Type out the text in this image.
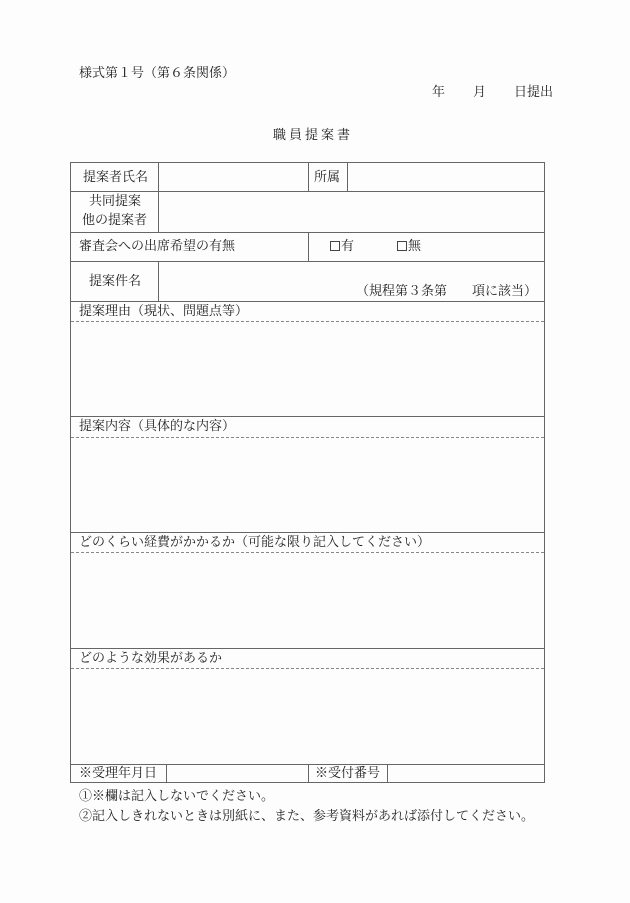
様式第１号（第６条関係）
年 月 日提出
職員提案書
提案者氏名	所属
共同提案
他の提案者
審査会への出席希望の有無	有	無
提案件名
（規程第３条第 項に該当）
提案理由（現状、問題点等）
提案内容（具体的な内容）
どのくらい経費がかかるか（可能な限り記入してください）
どのような効果があるか
※受理年月日	※受付番号
①※欄は記入しないでください。
②記入しきれないときは別紙に、また、参考資料があれば添付してください。
